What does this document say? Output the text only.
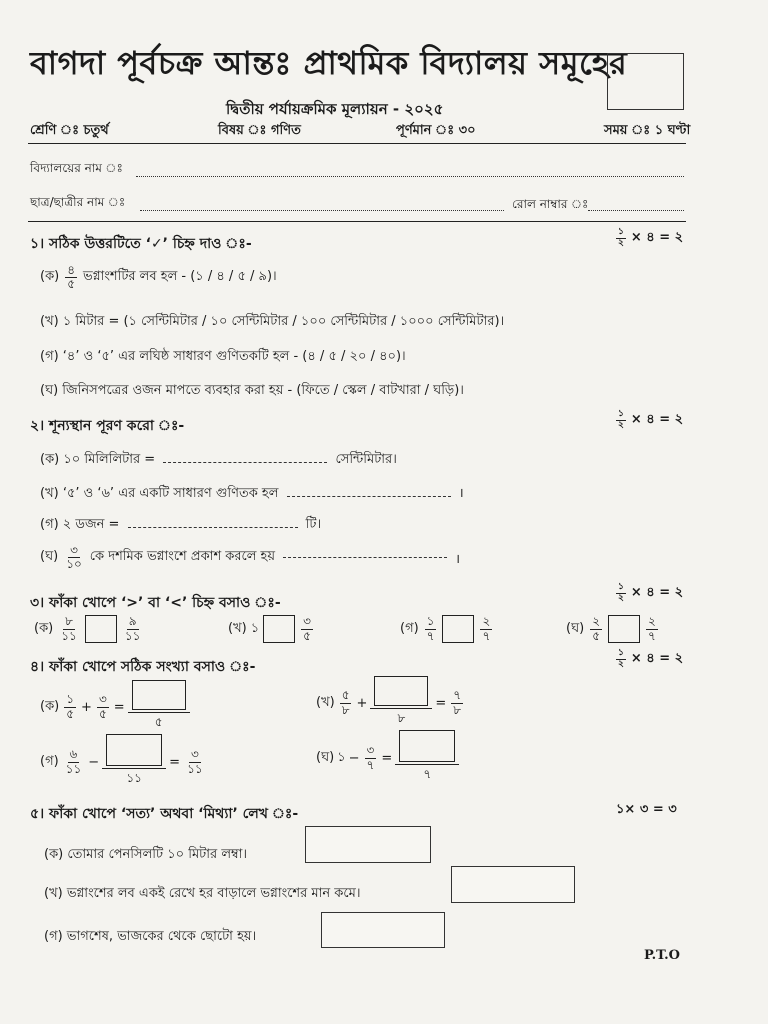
বাগদা পূর্বচক্র আন্তঃ প্রাথমিক বিদ্যালয় সমূহের
দ্বিতীয় পর্যায়ক্রমিক মূল্যায়ন - ২০২৫
শ্রেণি ঃ চতুর্থ	বিষয় ঃ গণিত	পূর্ণমান ঃ ৩০	সময় ঃ ১ ঘণ্টা
বিদ্যালয়ের নাম ঃ
ছাত্র/ছাত্রীর নাম ঃ	রোল নাম্বার ঃ
১। সঠিক উত্তরটিতে ‘✓’ চিহ্ন দাও ঃ-	$\frac{১}{২}$ × ৪ = ২
(ক) $\frac{৪}{৫}$ ভগ্নাংশটির লব হল - (১ / ৪ / ৫ / ৯)।
(খ) ১ মিটার = (১ সেন্টিমিটার / ১০ সেন্টিমিটার / ১০০ সেন্টিমিটার / ১০০০ সেন্টিমিটার)।
(গ) ‘৪’ ও ‘৫’ এর লঘিষ্ঠ সাধারণ গুণিতকটি হল - (৪ / ৫ / ২০ / ৪০)।
(ঘ) জিনিসপত্রের ওজন মাপতে ব্যবহার করা হয় - (ফিতে / স্কেল / বাটখারা / ঘড়ি)।
২। শূন্যস্থান পূরণ করো ঃ-	$\frac{১}{২}$ × ৪ = ২
(ক) ১০ মিলিলিটার =	সেন্টিমিটার।
(খ) ‘৫’ ও ‘৬’ এর একটি সাধারণ গুণিতক হল	।
(গ) ২ ডজন =	টি।
(ঘ) $\frac{৩}{১০}$ কে দশমিক ভগ্নাংশে প্রকাশ করলে হয়	।
৩। ফাঁকা খোপে ‘>’ বা ‘<’ চিহ্ন বসাও ঃ-	$\frac{১}{২}$ × ৪ = ২
(ক) $\frac{৮}{১১}$	$\frac{৯}{১১}$	(খ) ১	$\frac{৩}{৫}$	(গ) $\frac{১}{৭}$	$\frac{২}{৭}$	(ঘ) $\frac{২}{৫}$	$\frac{২}{৭}$
৪। ফাঁকা খোপে সঠিক সংখ্যা বসাও ঃ-	$\frac{১}{২}$ × ৪ = ২
(ক) $\frac{১}{৫} + \frac{৩}{৫}$ =
৫
(খ) $\frac{৫}{৮}$ +
৮
= $\frac{৭}{৮}$
(গ) $\frac{৬}{১১}$ −
১১
= $\frac{৩}{১১}$	(ঘ) ১ − $\frac{৩}{৭}$ =
৭
৫। ফাঁকা খোপে ‘সত্য’ অথবা ‘মিথ্যা’ লেখ ঃ-	১× ৩ = ৩
(ক) তোমার পেনসিলটি ১০ মিটার লম্বা।
(খ) ভগ্নাংশের লব একই রেখে হর বাড়ালে ভগ্নাংশের মান কমে।
(গ) ভাগশেষ, ভাজকের থেকে ছোটো হয়।
P.T.O
